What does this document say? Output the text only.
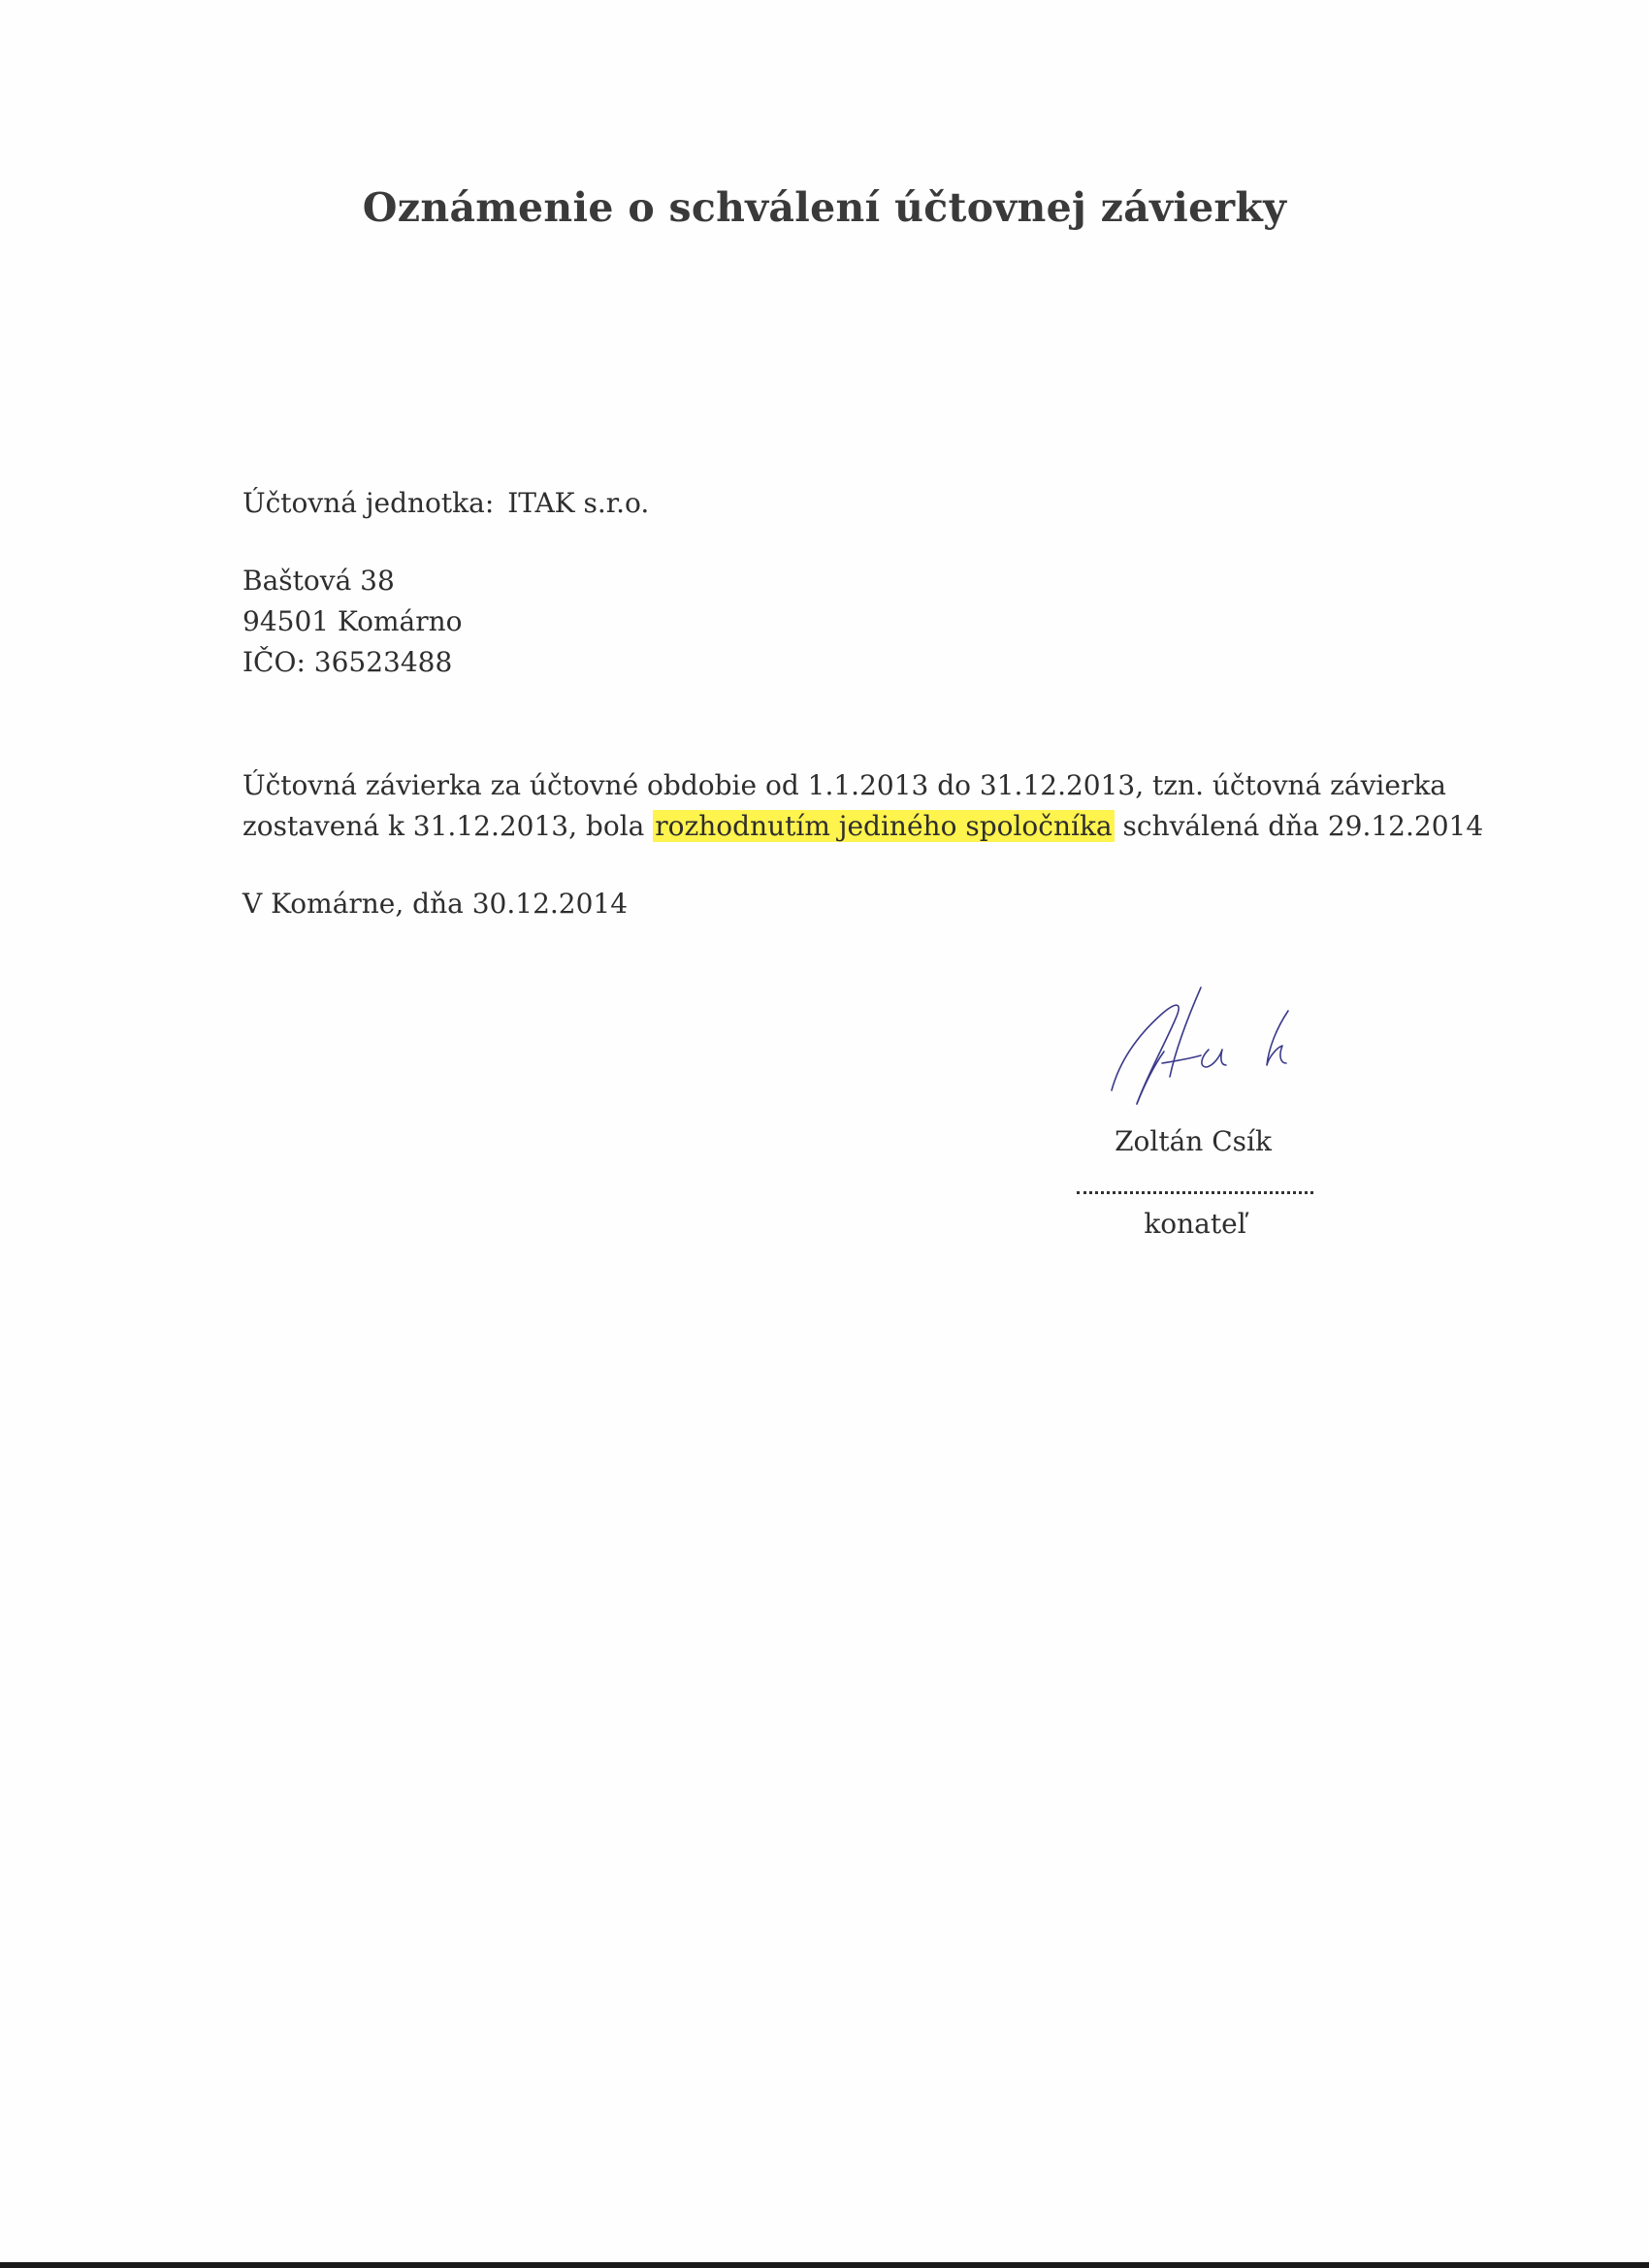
Oznámenie o schválení účtovnej závierky
Účtovná jednotka: ITAK s.r.o.
Baštová 38
94501 Komárno
IČO: 36523488
Účtovná závierka za účtovné obdobie od 1.1.2013 do 31.12.2013, tzn. účtovná závierka
zostavená k 31.12.2013, bola rozhodnutím jediného spoločníka schválená dňa 29.12.2014
V Komárne, dňa 30.12.2014
Zoltán Csík
konateľ
